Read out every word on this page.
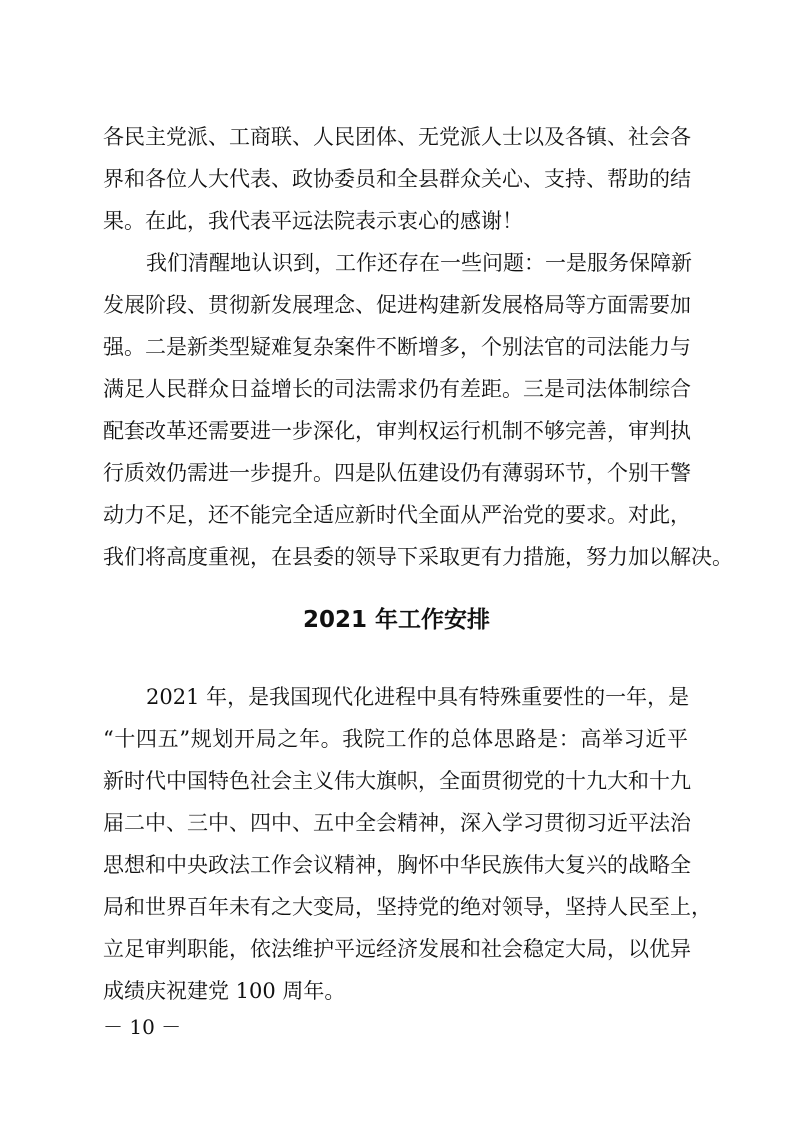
各民主党派、工商联、人民团体、无党派人士以及各镇、社会各
界和各位人大代表、政协委员和全县群众关心、支持、帮助的结
果。在此，我代表平远法院表示衷心的感谢！
我们清醒地认识到，工作还存在一些问题：一是服务保障新
发展阶段、贯彻新发展理念、促进构建新发展格局等方面需要加
强。二是新类型疑难复杂案件不断增多，个别法官的司法能力与
满足人民群众日益增长的司法需求仍有差距。三是司法体制综合
配套改革还需要进一步深化，审判权运行机制不够完善，审判执
行质效仍需进一步提升。四是队伍建设仍有薄弱环节，个别干警
动力不足，还不能完全适应新时代全面从严治党的要求。对此，
我们将高度重视，在县委的领导下采取更有力措施，努力加以解决。
2021 年工作安排
2021 年，是我国现代化进程中具有特殊重要性的一年，是
“十四五”规划开局之年。我院工作的总体思路是：高举习近平
新时代中国特色社会主义伟大旗帜，全面贯彻党的十九大和十九
届二中、三中、四中、五中全会精神，深入学习贯彻习近平法治
思想和中央政法工作会议精神，胸怀中华民族伟大复兴的战略全
局和世界百年未有之大变局，坚持党的绝对领导，坚持人民至上，
立足审判职能，依法维护平远经济发展和社会稳定大局，以优异
成绩庆祝建党 100 周年。
－ 10 －
